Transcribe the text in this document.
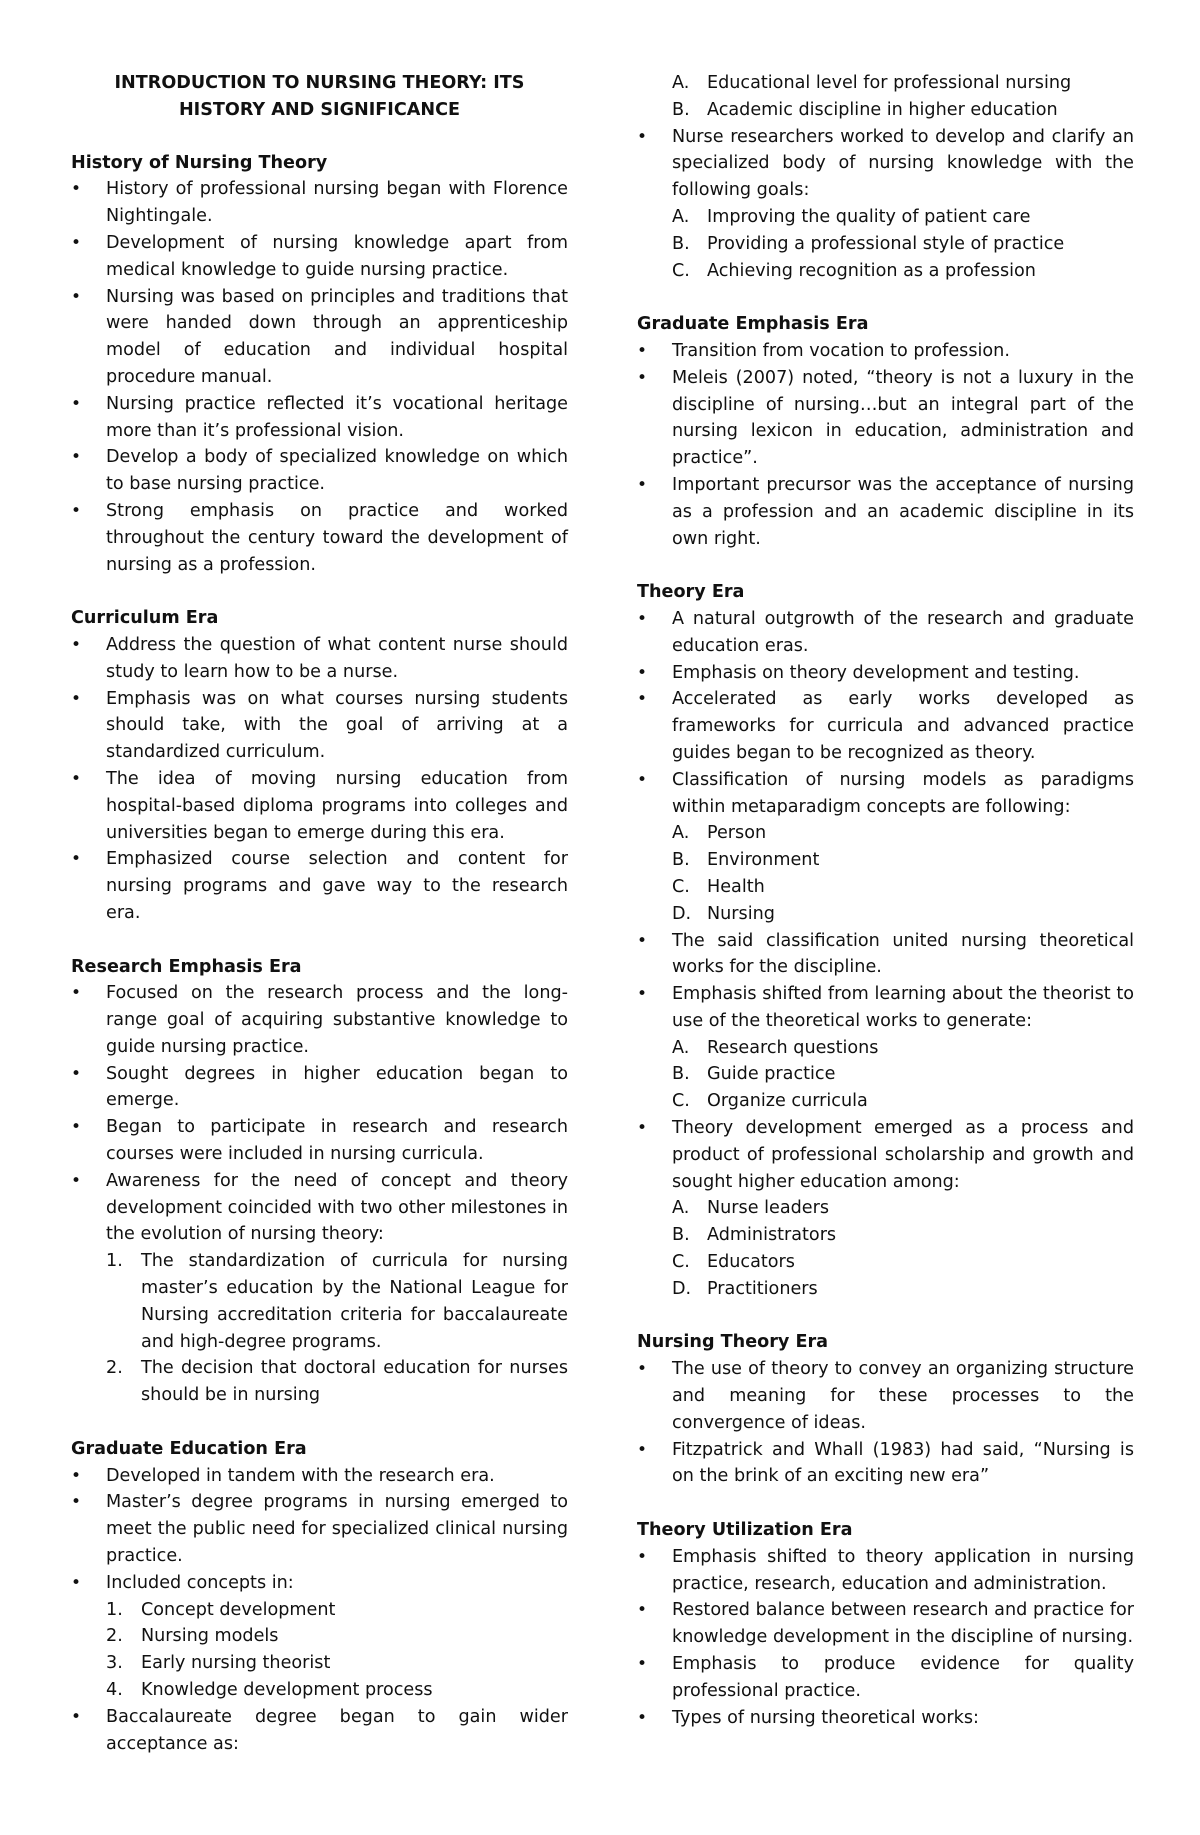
INTRODUCTION TO NURSING THEORY: ITS
HISTORY AND SIGNIFICANCE
History of Nursing Theory
• History of professional nursing began with Florence Nightingale.
• Development of nursing knowledge apart from medical knowledge to guide nursing practice.
• Nursing was based on principles and traditions that were handed down through an apprenticeship model of education and individual hospital procedure manual.
• Nursing practice reflected it’s vocational heritage more than it’s professional vision.
• Develop a body of specialized knowledge on which to base nursing practice.
• Strong emphasis on practice and worked throughout the century toward the development of nursing as a profession.
Curriculum Era
• Address the question of what content nurse should study to learn how to be a nurse.
• Emphasis was on what courses nursing students should take, with the goal of arriving at a standardized curriculum.
• The idea of moving nursing education from hospital-based diploma programs into colleges and universities began to emerge during this era.
• Emphasized course selection and content for nursing programs and gave way to the research era.
Research Emphasis Era
• Focused on the research process and the long-range goal of acquiring substantive knowledge to guide nursing practice.
• Sought degrees in higher education began to emerge.
• Began to participate in research and research courses were included in nursing curricula.
• Awareness for the need of concept and theory development coincided with two other milestones in the evolution of nursing theory:
1. The standardization of curricula for nursing master’s education by the National League for Nursing accreditation criteria for baccalaureate and high-degree programs.
2. The decision that doctoral education for nurses should be in nursing
Graduate Education Era
• Developed in tandem with the research era.
• Master’s degree programs in nursing emerged to meet the public need for specialized clinical nursing practice.
• Included concepts in:
1. Concept development
2. Nursing models
3. Early nursing theorist
4. Knowledge development process
• Baccalaureate degree began to gain wider acceptance as:
A. Educational level for professional nursing
B. Academic discipline in higher education
• Nurse researchers worked to develop and clarify an specialized body of nursing knowledge with the following goals:
A. Improving the quality of patient care
B. Providing a professional style of practice
C. Achieving recognition as a profession
Graduate Emphasis Era
• Transition from vocation to profession.
• Meleis (2007) noted, “theory is not a luxury in the discipline of nursing…but an integral part of the nursing lexicon in education, administration and practice”.
• Important precursor was the acceptance of nursing as a profession and an academic discipline in its own right.
Theory Era
• A natural outgrowth of the research and graduate education eras.
• Emphasis on theory development and testing.
• Accelerated as early works developed as frameworks for curricula and advanced practice guides began to be recognized as theory.
• Classification of nursing models as paradigms within metaparadigm concepts are following:
A. Person
B. Environment
C. Health
D. Nursing
• The said classification united nursing theoretical works for the discipline.
• Emphasis shifted from learning about the theorist to use of the theoretical works to generate:
A. Research questions
B. Guide practice
C. Organize curricula
• Theory development emerged as a process and product of professional scholarship and growth and sought higher education among:
A. Nurse leaders
B. Administrators
C. Educators
D. Practitioners
Nursing Theory Era
• The use of theory to convey an organizing structure and meaning for these processes to the convergence of ideas.
• Fitzpatrick and Whall (1983) had said, “Nursing is on the brink of an exciting new era”
Theory Utilization Era
• Emphasis shifted to theory application in nursing practice, research, education and administration.
• Restored balance between research and practice for knowledge development in the discipline of nursing.
• Emphasis to produce evidence for quality professional practice.
• Types of nursing theoretical works:
